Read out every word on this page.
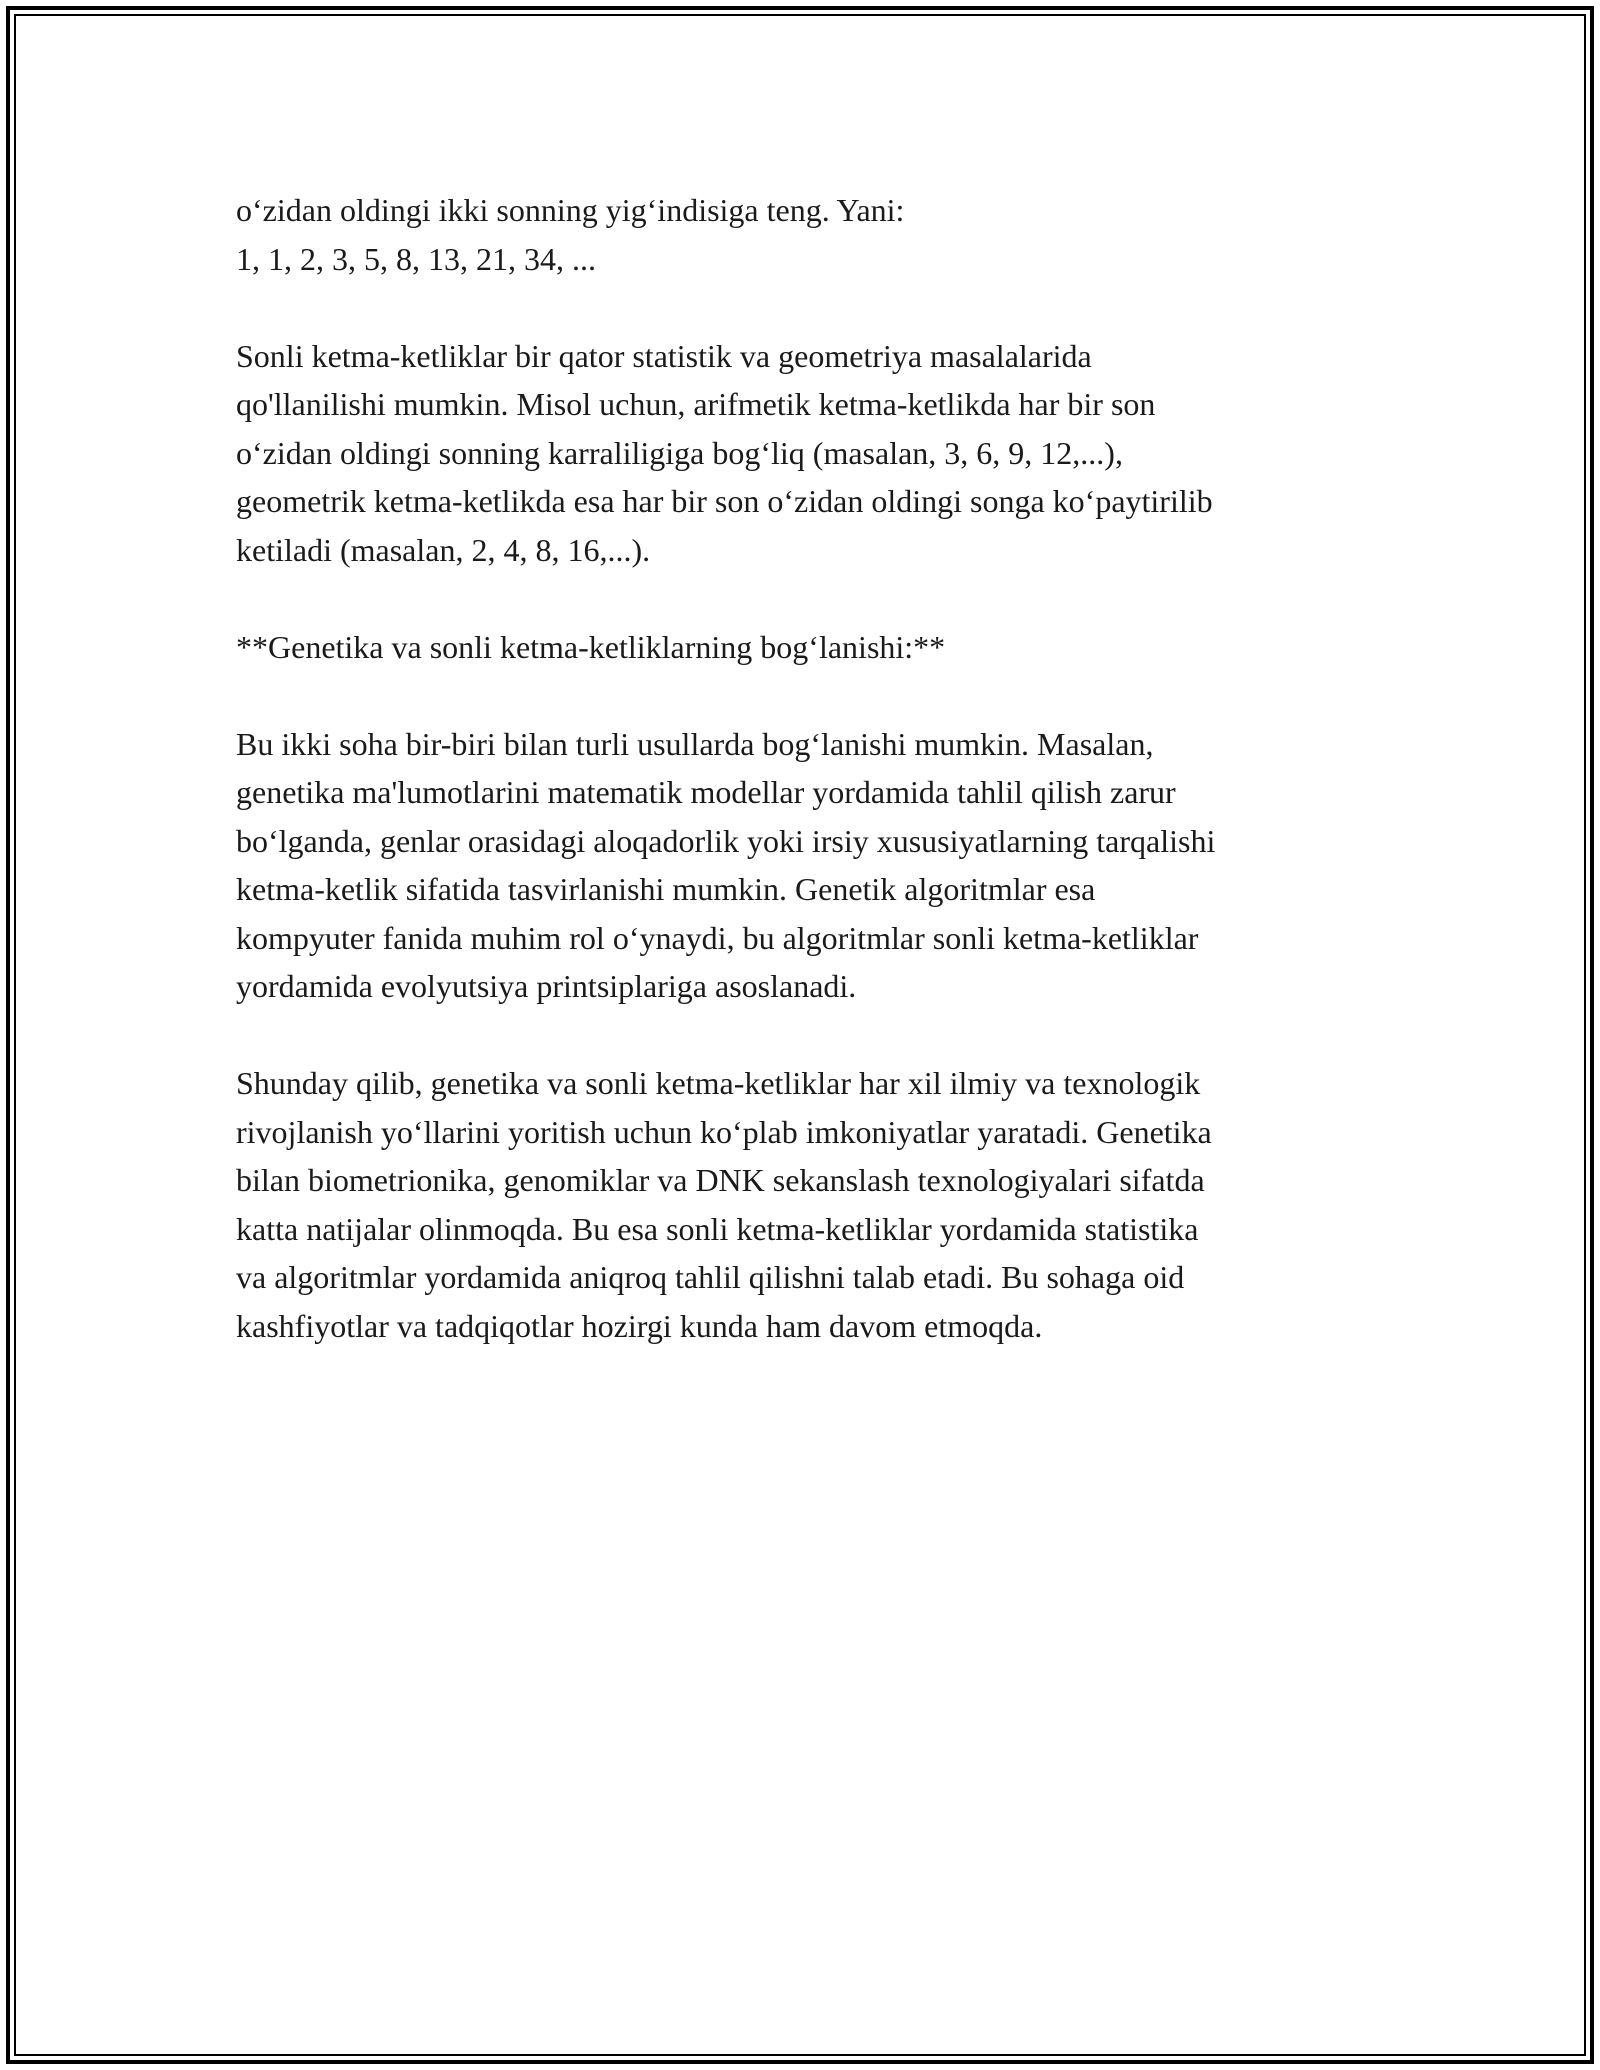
o‘zidan oldingi ikki sonning yig‘indisiga teng. Yani:
1, 1, 2, 3, 5, 8, 13, 21, 34, ...

Sonli ketma-ketliklar bir qator statistik va geometriya masalalarida
qo'llanilishi mumkin. Misol uchun, arifmetik ketma-ketlikda har bir son
o‘zidan oldingi sonning karraliligiga bog‘liq (masalan, 3, 6, 9, 12,...),
geometrik ketma-ketlikda esa har bir son o‘zidan oldingi songa ko‘paytirilib
ketiladi (masalan, 2, 4, 8, 16,...).

**Genetika va sonli ketma-ketliklarning bog‘lanishi:**

Bu ikki soha bir-biri bilan turli usullarda bog‘lanishi mumkin. Masalan,
genetika ma'lumotlarini matematik modellar yordamida tahlil qilish zarur
bo‘lganda, genlar orasidagi aloqadorlik yoki irsiy xususiyatlarning tarqalishi
ketma-ketlik sifatida tasvirlanishi mumkin. Genetik algoritmlar esa
kompyuter fanida muhim rol o‘ynaydi, bu algoritmlar sonli ketma-ketliklar
yordamida evolyutsiya printsiplariga asoslanadi.

Shunday qilib, genetika va sonli ketma-ketliklar har xil ilmiy va texnologik
rivojlanish yo‘llarini yoritish uchun ko‘plab imkoniyatlar yaratadi. Genetika
bilan biometrionika, genomiklar va DNK sekanslash texnologiyalari sifatda
katta natijalar olinmoqda. Bu esa sonli ketma-ketliklar yordamida statistika
va algoritmlar yordamida aniqroq tahlil qilishni talab etadi. Bu sohaga oid
kashfiyotlar va tadqiqotlar hozirgi kunda ham davom etmoqda.
